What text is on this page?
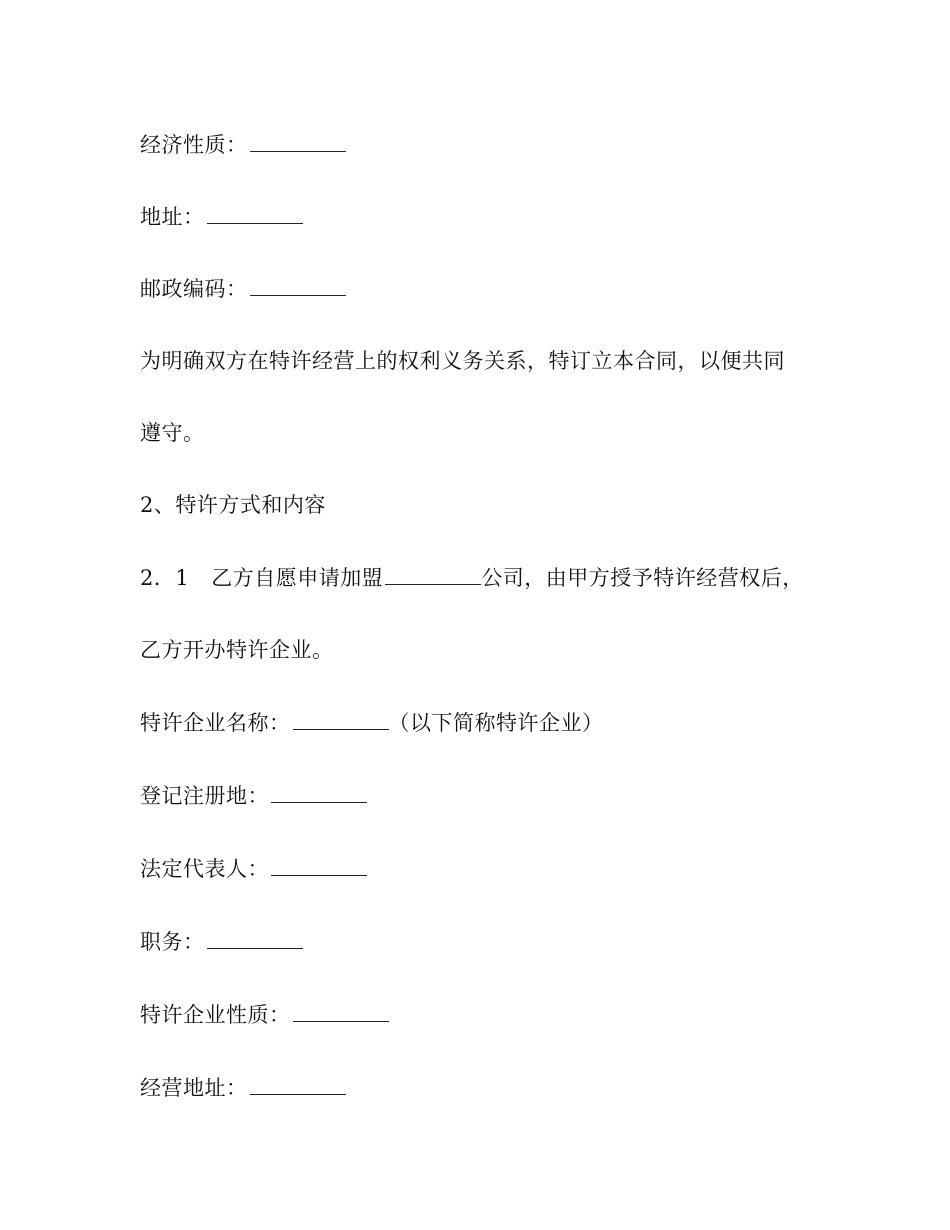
经济性质：
地址：
邮政编码：
为明确双方在特许经营上的权利义务关系，特订立本合同，以便共同
遵守。
2、特许方式和内容
2．1 乙方自愿申请加盟	公司，由甲方授予特许经营权后，
乙方开办特许企业。
特许企业名称：	（以下简称特许企业）
登记注册地：
法定代表人：
职务：
特许企业性质：
经营地址：
